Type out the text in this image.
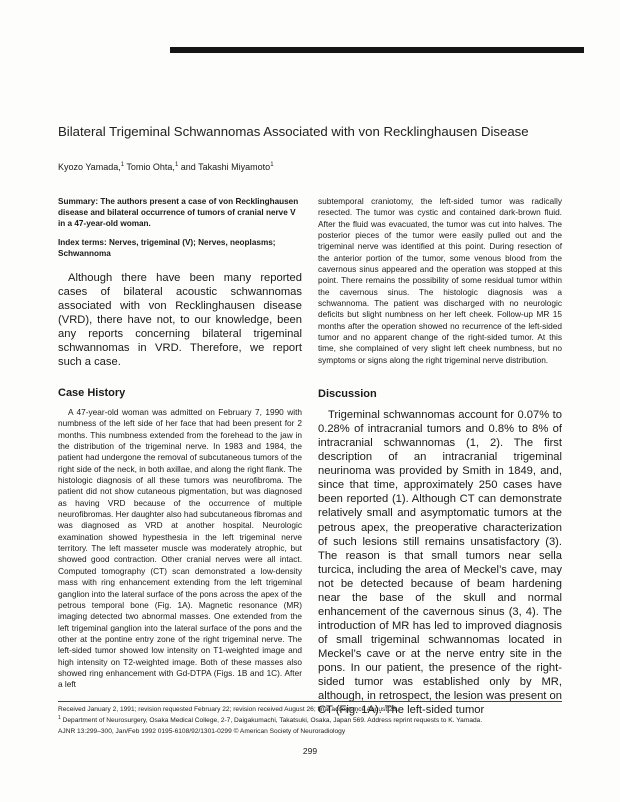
Bilateral Trigeminal Schwannomas Associated with von Recklinghausen Disease
Kyozo Yamada,$^1$ Tomio Ohta,$^1$ and Takashi Miyamoto$^1$

Summary: The authors present a case of von Recklinghausen disease and bilateral occurrence of tumors of cranial nerve V in a 47-year-old woman.

Index terms: Nerves, trigeminal (V); Nerves, neoplasms; Schwannoma

Although there have been many reported cases of bilateral acoustic schwannomas associated with von Recklinghausen disease (VRD), there have not, to our knowledge, been any reports concerning bilateral trigeminal schwannomas in VRD. Therefore, we report such a case.

Case History

A 47-year-old woman was admitted on February 7, 1990 with numbness of the left side of her face that had been present for 2 months. This numbness extended from the forehead to the jaw in the distribution of the trigeminal nerve. In 1983 and 1984, the patient had undergone the removal of subcutaneous tumors of the right side of the neck, in both axillae, and along the right flank. The histologic diagnosis of all these tumors was neurofibroma. The patient did not show cutaneous pigmentation, but was diagnosed as having VRD because of the occurrence of multiple neurofibromas. Her daughter also had subcutaneous fibromas and was diagnosed as VRD at another hospital. Neurologic examination showed hypesthesia in the left trigeminal nerve territory. The left masseter muscle was moderately atrophic, but showed good contraction. Other cranial nerves were all intact. Computed tomography (CT) scan demonstrated a low-density mass with ring enhancement extending from the left trigeminal ganglion into the lateral surface of the pons across the apex of the petrous temporal bone (Fig. 1A). Magnetic resonance (MR) imaging detected two abnormal masses. One extended from the left trigeminal ganglion into the lateral surface of the pons and the other at the pontine entry zone of the right trigeminal nerve. The left-sided tumor showed low intensity on T1-weighted image and high intensity on T2-weighted image. Both of these masses also showed ring enhancement with Gd-DTPA (Figs. 1B and 1C). After a left

subtemporal craniotomy, the left-sided tumor was radically resected. The tumor was cystic and contained dark-brown fluid. After the fluid was evacuated, the tumor was cut into halves. The posterior pieces of the tumor were easily pulled out and the trigeminal nerve was identified at this point. During resection of the anterior portion of the tumor, some venous blood from the cavernous sinus appeared and the operation was stopped at this point. There remains the possibility of some residual tumor within the cavernous sinus. The histologic diagnosis was a schwannoma. The patient was discharged with no neurologic deficits but slight numbness on her left cheek. Follow-up MR 15 months after the operation showed no recurrence of the left-sided tumor and no apparent change of the right-sided tumor. At this time, she complained of very slight left cheek numbness, but no symptoms or signs along the right trigeminal nerve distribution.

Discussion

Trigeminal schwannomas account for 0.07% to 0.28% of intracranial tumors and 0.8% to 8% of intracranial schwannomas (1, 2). The first description of an intracranial trigeminal neurinoma was provided by Smith in 1849, and, since that time, approximately 250 cases have been reported (1). Although CT can demonstrate relatively small and asymptomatic tumors at the petrous apex, the preoperative characterization of such lesions still remains unsatisfactory (3). The reason is that small tumors near sella turcica, including the area of Meckel’s cave, may not be detected because of beam hardening near the base of the skull and normal enhancement of the cavernous sinus (3, 4). The introduction of MR has led to improved diagnosis of small trigeminal schwannomas located in Meckel’s cave or at the nerve entry site in the pons. In our patient, the presence of the right-sided tumor was established only by MR, although, in retrospect, the lesion was present on CT (Fig. 1A). The left-sided tumor

Received January 2, 1991; revision requested February 22; revision received August 26; final acceptance August 28.
$^1$ Department of Neurosurgery, Osaka Medical College, 2-7, Daigakumachi, Takatsuki, Osaka, Japan 569. Address reprint requests to K. Yamada.
AJNR 13:299–300, Jan/Feb 1992 0195-6108/92/1301-0299 © American Society of Neuroradiology
299
